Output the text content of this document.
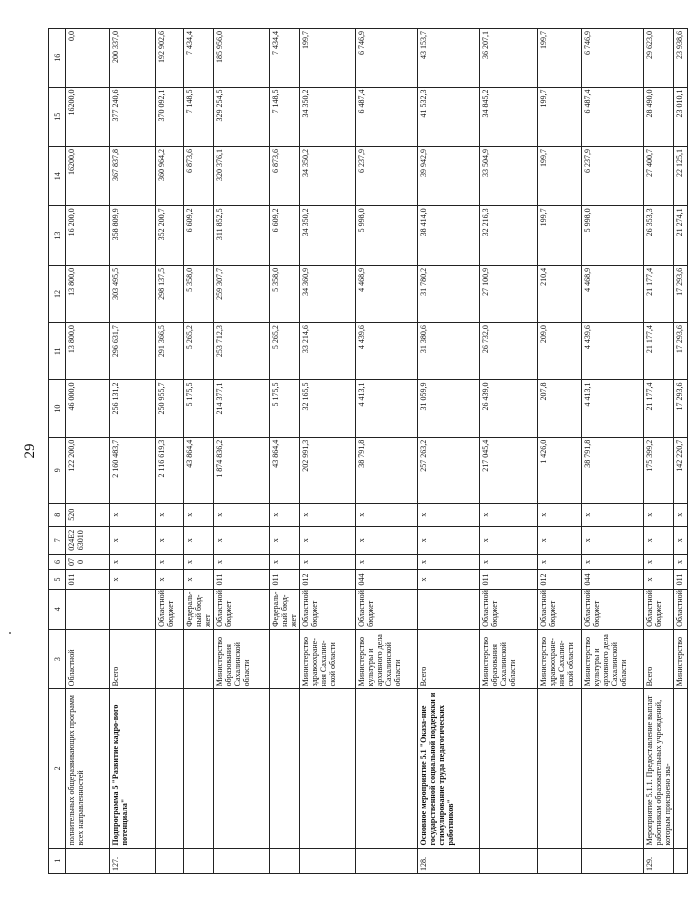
29
1	2	3	4	5	6	7	8	9	10	11	12	13	14	15	16
	полнительных общеразвивающих программ всех направленностей	Областной		011	070	024E2 63010	520	122 200,0	46 000,0	13 800,0	13 800,0	16 200,0	16200,0	16200,0	0,0
127.	Подпрограмма 5 "Развитие кадро-вого потенциала"	Всего		x	x	x	x	2 160 483,7	256 131,2	296 631,7	303 495,5	358 809,9	367 837,8	377 240,6	200 337,0
			Областной бюджет	x	x	x	x	2 116 619,3	250 955,7	291 366,5	298 137,5	352 200,7	360 964,2	370 092,1	192 902,6
			Федераль-ный бюд-жет	x	x	x	x	43 864,4	5 175,5	5 265,2	5 358,0	6 609,2	6 873,6	7 148,5	7 434,4
		Министерство образования Сахалинской области	Областной бюджет	011	x	x	x	1 874 836,2	214 377,1	253 712,3	259 307,7	311 852,5	320 376,1	329 254,5	185 956,0
			Федераль-ный бюд-жет	011	x	x	x	43 864,4	5 175,5	5 265,2	5 358,0	6 609,2	6 873,6	7 148,5	7 434,4
		Министерство здравоохране-ния Сахалин-ской области	Областной бюджет	012	x	x	x	202 991,3	32 165,5	33 214,6	34 360,9	34 350,2	34 350,2	34 350,2	199,7
		Министерство культуры и архивного дела Сахалинской области	Областной бюджет	044	x	x	x	38 791,8	4 413,1	4 439,6	4 468,9	5 998,0	6 237,9	6 487,4	6 746,9
128.	Основное мероприятие 5.1 "Оказа-ние государственной социальной поддержки и стимулирование труда педагогических работников"	Всего		x	x	x	x	257 263,2	31 059,9	31 380,6	31 780,2	38 414,0	39 942,9	41 532,3	43 153,7
		Министерство образования Сахалинской области	Областной бюджет	011	x	x	x	217 045,4	26 439,0	26 732,0	27 100,9	32 216,3	33 504,9	34 845,2	36 207,1
		Министерство здравоохране-ния Сахалин-ской области	Областной бюджет	012	x	x	x	1 426,0	207,8	209,0	210,4	199,7	199,7	199,7	199,7
		Министерство культуры и архивного дела Сахалинской области	Областной бюджет	044	x	x	x	38 791,8	4 413,1	4 439,6	4 468,9	5 998,0	6 237,9	6 487,4	6 746,9
129.	Мероприятие 5.1.1. Предоставление выплат работникам образовательных учреждений, которым присвоено зва-	Всего	Областной бюджет	x	x	x	x	175 399,2	21 177,4	21 177,4	21 177,4	26 353,3	27 400,7	28 490,0	29 623,0
		Министерство	Областной	011	x	x	x	142 220,7	17 293,6	17 293,6	17 293,6	21 274,1	22 125,1	23 010,1	23 938,6
